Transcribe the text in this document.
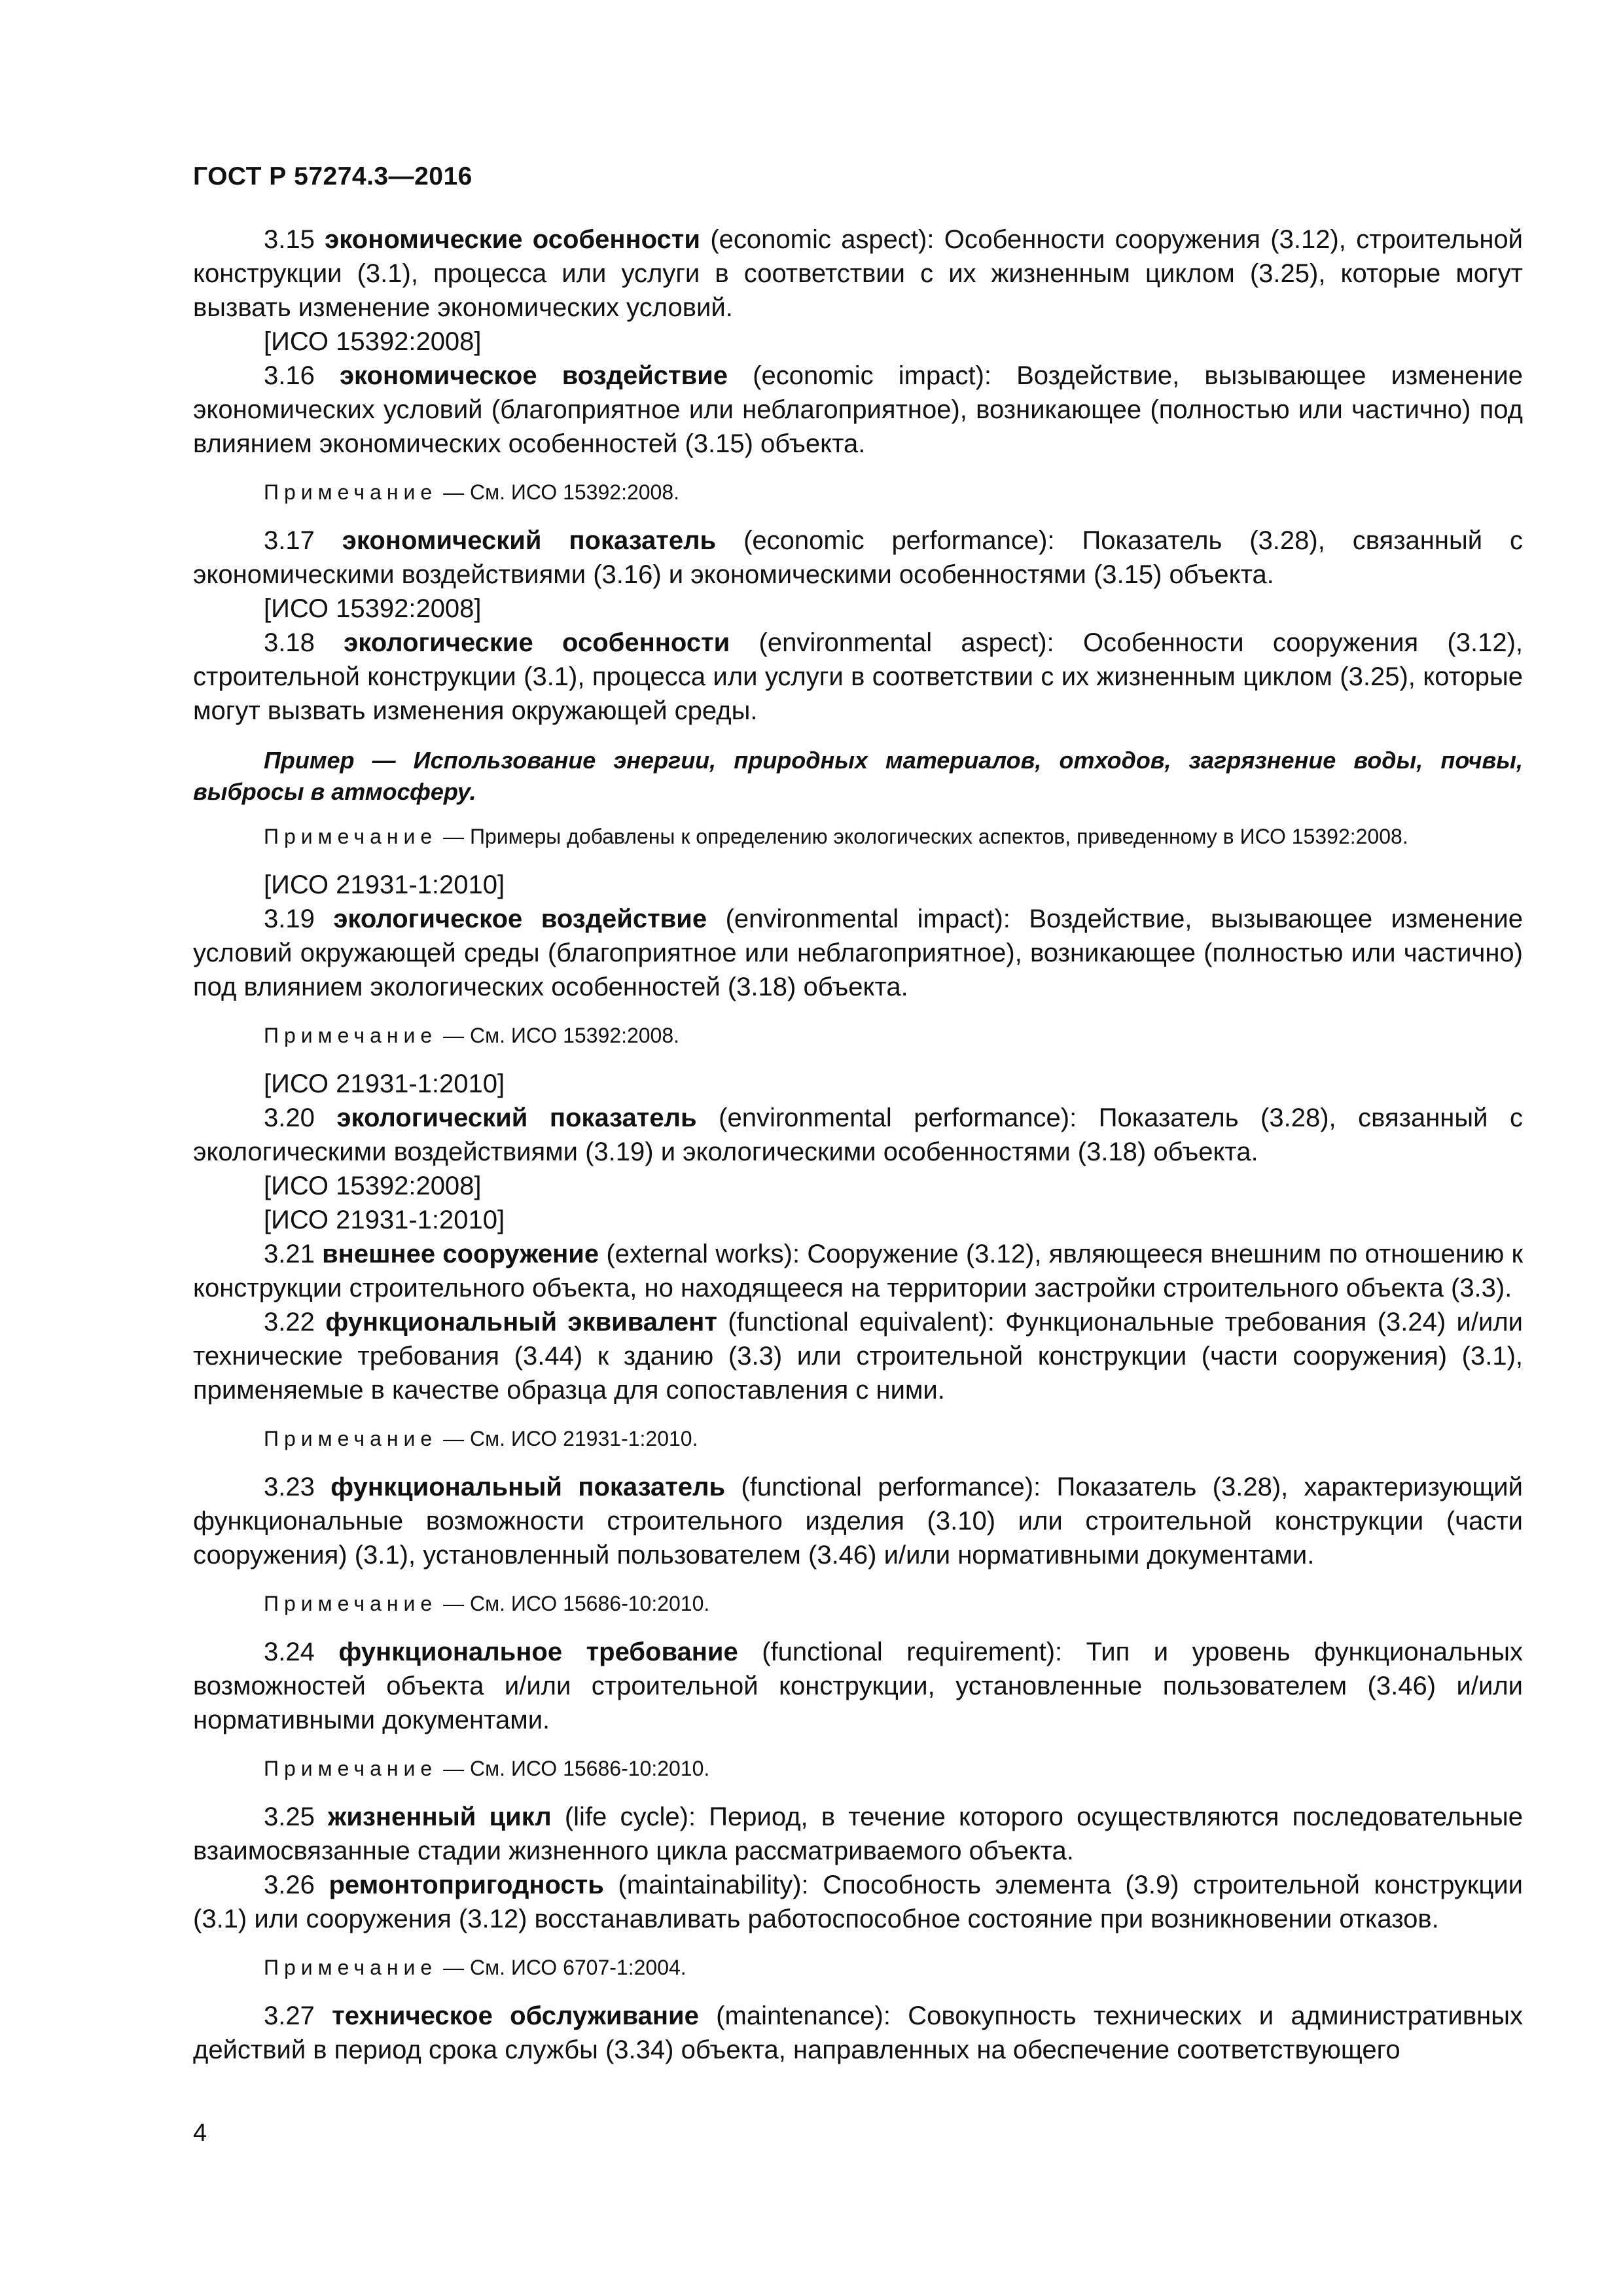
ГОСТ Р 57274.3—2016

3.15 экономические особенности (economic aspect): Особенности сооружения (3.12), строительной конструкции (3.1), процесса или услуги в соответствии с их жизненным циклом (3.25), которые могут вызвать изменение экономических условий.

[ИСО 15392:2008]

3.16 экономическое воздействие (economic impact): Воздействие, вызывающее изменение экономических условий (благоприятное или неблагоприятное), возникающее (полностью или частично) под влиянием экономических особенностей (3.15) объекта.

Примечание — См. ИСО 15392:2008.

3.17 экономический показатель (economic performance): Показатель (3.28), связанный с экономическими воздействиями (3.16) и экономическими особенностями (3.15) объекта.

[ИСО 15392:2008]

3.18 экологические особенности (environmental aspect): Особенности сооружения (3.12), строительной конструкции (3.1), процесса или услуги в соответствии с их жизненным циклом (3.25), которые могут вызвать изменения окружающей среды.

Пример — Использование энергии, природных материалов, отходов, загрязнение воды, почвы, выбросы в атмосферу.

Примечание — Примеры добавлены к определению экологических аспектов, приведенному в ИСО 15392:2008.

[ИСО 21931-1:2010]

3.19 экологическое воздействие (environmental impact): Воздействие, вызывающее изменение условий окружающей среды (благоприятное или неблагоприятное), возникающее (полностью или частично) под влиянием экологических особенностей (3.18) объекта.

Примечание — См. ИСО 15392:2008.

[ИСО 21931-1:2010]

3.20 экологический показатель (environmental performance): Показатель (3.28), связанный с экологическими воздействиями (3.19) и экологическими особенностями (3.18) объекта.

[ИСО 15392:2008]

[ИСО 21931-1:2010]

3.21 внешнее сооружение (external works): Сооружение (3.12), являющееся внешним по отношению к конструкции строительного объекта, но находящееся на территории застройки строительного объекта (3.3).

3.22 функциональный эквивалент (functional equivalent): Функциональные требования (3.24) и/или технические требования (3.44) к зданию (3.3) или строительной конструкции (части сооружения) (3.1), применяемые в качестве образца для сопоставления с ними.

Примечание — См. ИСО 21931-1:2010.

3.23 функциональный показатель (functional performance): Показатель (3.28), характеризующий функциональные возможности строительного изделия (3.10) или строительной конструкции (части сооружения) (3.1), установленный пользователем (3.46) и/или нормативными документами.

Примечание — См. ИСО 15686-10:2010.

3.24 функциональное требование (functional requirement): Тип и уровень функциональных возможностей объекта и/или строительной конструкции, установленные пользователем (3.46) и/или нормативными документами.

Примечание — См. ИСО 15686-10:2010.

3.25 жизненный цикл (life cycle): Период, в течение которого осуществляются последовательные взаимосвязанные стадии жизненного цикла рассматриваемого объекта.

3.26 ремонтопригодность (maintainability): Способность элемента (3.9) строительной конструкции (3.1) или сооружения (3.12) восстанавливать работоспособное состояние при возникновении отказов.

Примечание — См. ИСО 6707-1:2004.

3.27 техническое обслуживание (maintenance): Совокупность технических и административных действий в период срока службы (3.34) объекта, направленных на обеспечение соответствующего

4
